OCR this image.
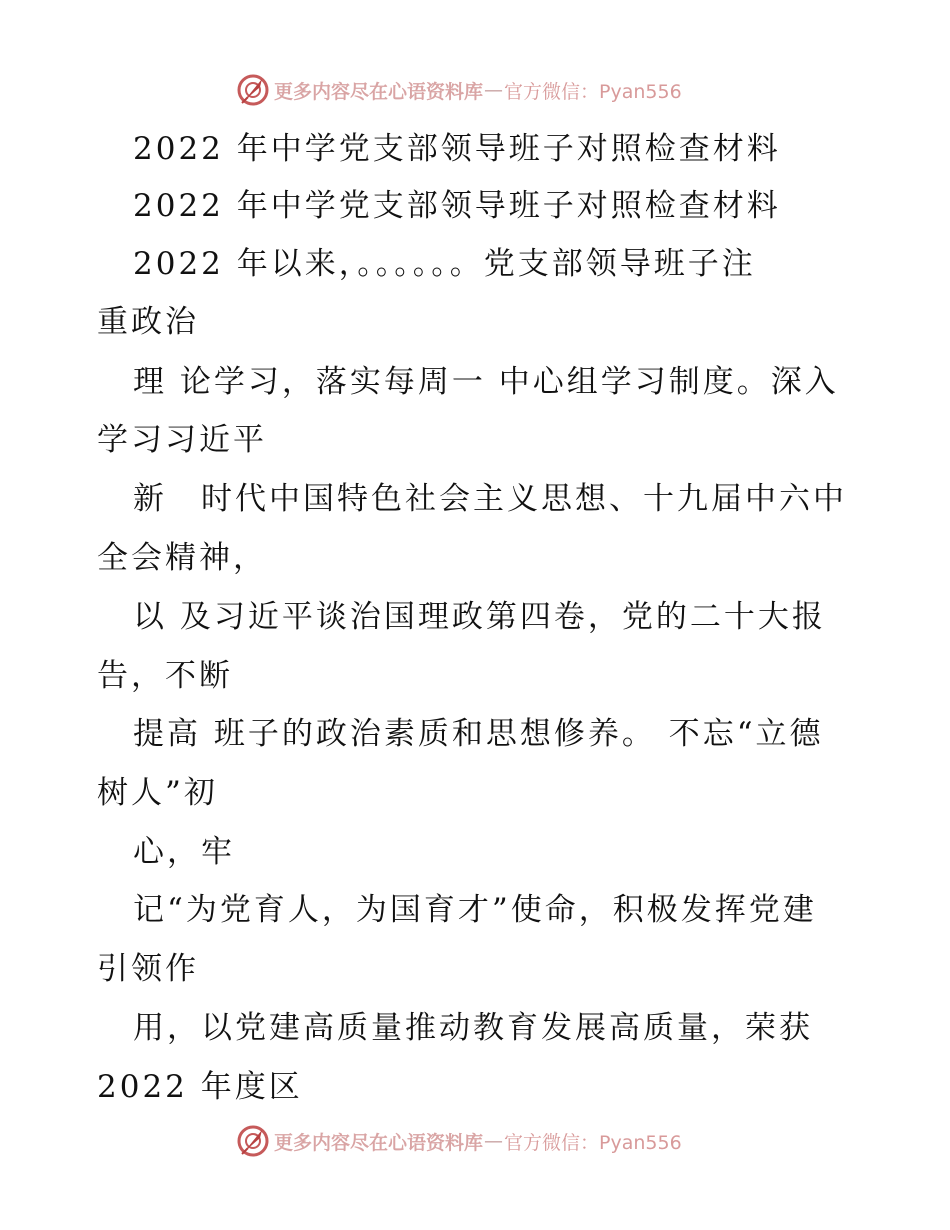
更多内容尽在心语资料库 — 官方微信：Pyan556
2022 年中学党支部领导班子对照检查材料
2022 年中学党支部领导班子对照检查材料
2022 年以来，。。。。。。党支部领导班子注
重政治
理 论学习，落实每周一 中心组学习制度。深入
学习习近平
新　时代中国特色社会主义思想、十九届中六中
全会精神，
以 及习近平谈治国理政第四卷，党的二十大报
告，不断
提高 班子的政治素质和思想修养。 不忘“立德
树人”初
心，牢
记“为党育人，为国育才”使命，积极发挥党建
引领作
用，以党建高质量推动教育发展高质量，荣获
2022 年度区
更多内容尽在心语资料库 — 官方微信：Pyan556
